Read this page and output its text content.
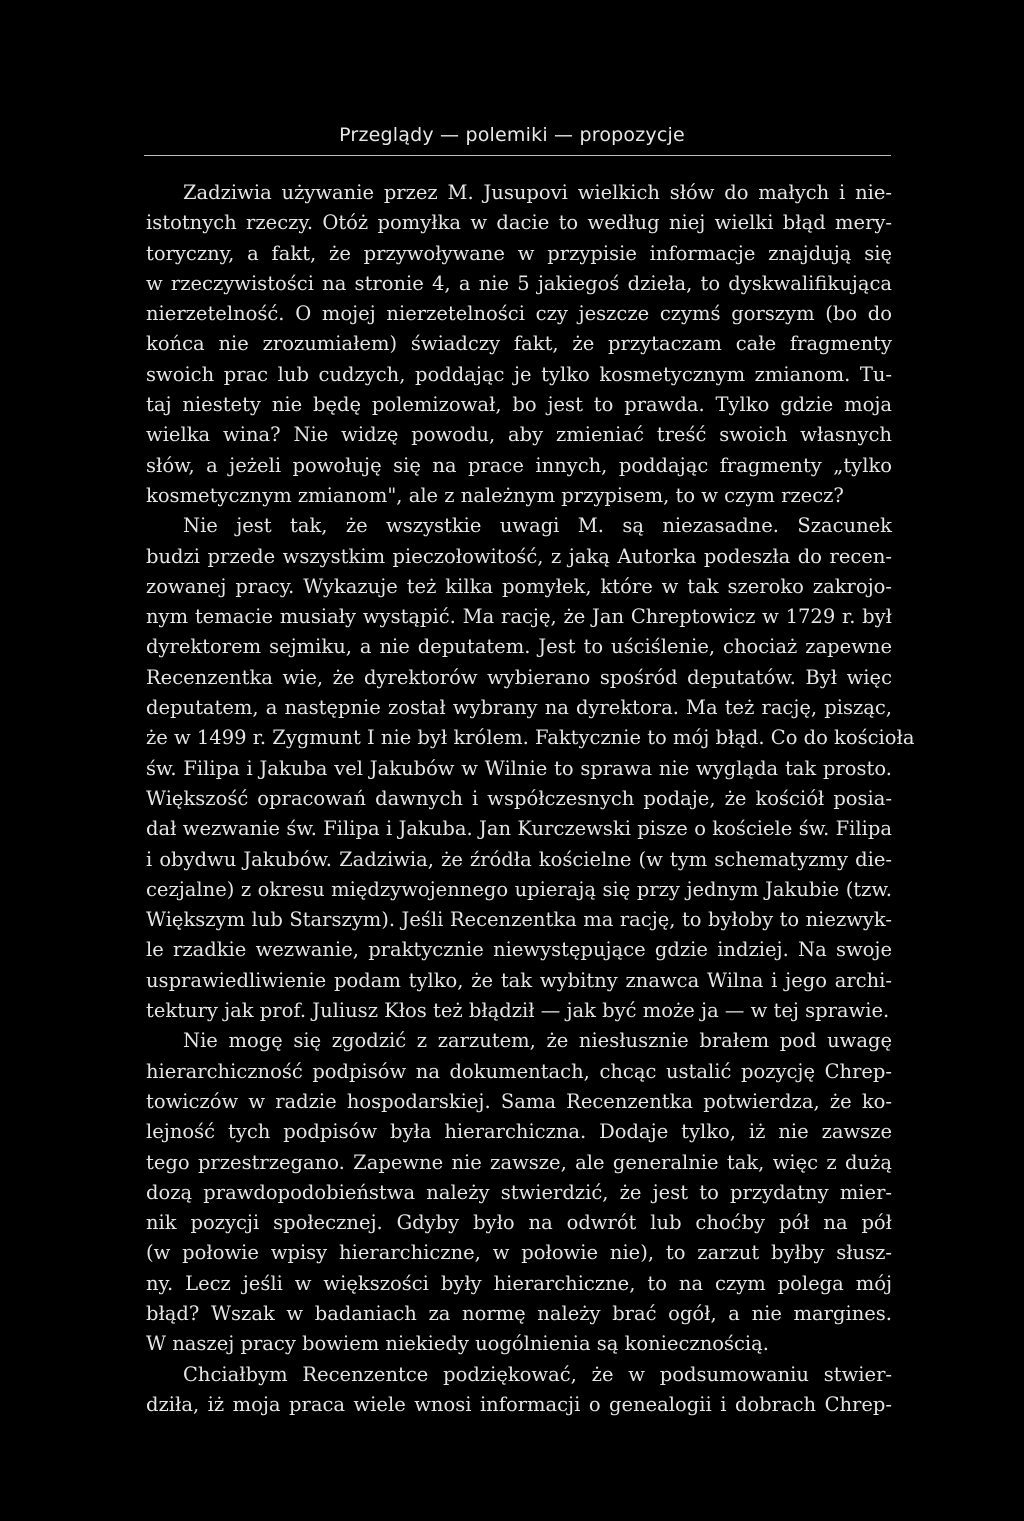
Przeglądy — polemiki — propozycje
Zadziwia używanie przez M. Jusupovi wielkich słów do małych i nie-
istotnych rzeczy. Otóż pomyłka w dacie to według niej wielki błąd mery-
toryczny, a fakt, że przywoływane w przypisie informacje znajdują się
w rzeczywistości na stronie 4, a nie 5 jakiegoś dzieła, to dyskwalifikująca
nierzetelność. O mojej nierzetelności czy jeszcze czymś gorszym (bo do
końca nie zrozumiałem) świadczy fakt, że przytaczam całe fragmenty
swoich prac lub cudzych, poddając je tylko kosmetycznym zmianom. Tu-
taj niestety nie będę polemizował, bo jest to prawda. Tylko gdzie moja
wielka wina? Nie widzę powodu, aby zmieniać treść swoich własnych
słów, a jeżeli powołuję się na prace innych, poddając fragmenty „tylko
kosmetycznym zmianom", ale z należnym przypisem, to w czym rzecz?
Nie jest tak, że wszystkie uwagi M. są niezasadne. Szacunek
budzi przede wszystkim pieczołowitość, z jaką Autorka podeszła do recen-
zowanej pracy. Wykazuje też kilka pomyłek, które w tak szeroko zakrojo-
nym temacie musiały wystąpić. Ma rację, że Jan Chreptowicz w 1729 r. był
dyrektorem sejmiku, a nie deputatem. Jest to uściślenie, chociaż zapewne
Recenzentka wie, że dyrektorów wybierano spośród deputatów. Był więc
deputatem, a następnie został wybrany na dyrektora. Ma też rację, pisząc,
że w 1499 r. Zygmunt I nie był królem. Faktycznie to mój błąd. Co do kościoła
św. Filipa i Jakuba vel Jakubów w Wilnie to sprawa nie wygląda tak prosto.
Większość opracowań dawnych i współczesnych podaje, że kościół posia-
dał wezwanie św. Filipa i Jakuba. Jan Kurczewski pisze o kościele św. Filipa
i obydwu Jakubów. Zadziwia, że źródła kościelne (w tym schematyzmy die-
cezjalne) z okresu międzywojennego upierają się przy jednym Jakubie (tzw.
Większym lub Starszym). Jeśli Recenzentka ma rację, to byłoby to niezwyk-
le rzadkie wezwanie, praktycznie niewystępujące gdzie indziej. Na swoje
usprawiedliwienie podam tylko, że tak wybitny znawca Wilna i jego archi-
tektury jak prof. Juliusz Kłos też błądził — jak być może ja — w tej sprawie.
Nie mogę się zgodzić z zarzutem, że niesłusznie brałem pod uwagę
hierarchiczność podpisów na dokumentach, chcąc ustalić pozycję Chrep-
towiczów w radzie hospodarskiej. Sama Recenzentka potwierdza, że ko-
lejność tych podpisów była hierarchiczna. Dodaje tylko, iż nie zawsze
tego przestrzegano. Zapewne nie zawsze, ale generalnie tak, więc z dużą
dozą prawdopodobieństwa należy stwierdzić, że jest to przydatny mier-
nik pozycji społecznej. Gdyby było na odwrót lub choćby pół na pół
(w połowie wpisy hierarchiczne, w połowie nie), to zarzut byłby słusz-
ny. Lecz jeśli w większości były hierarchiczne, to na czym polega mój
błąd? Wszak w badaniach za normę należy brać ogół, a nie margines.
W naszej pracy bowiem niekiedy uogólnienia są koniecznością.
Chciałbym Recenzentce podziękować, że w podsumowaniu stwier-
dziła, iż moja praca wiele wnosi informacji o genealogii i dobrach Chrep-
